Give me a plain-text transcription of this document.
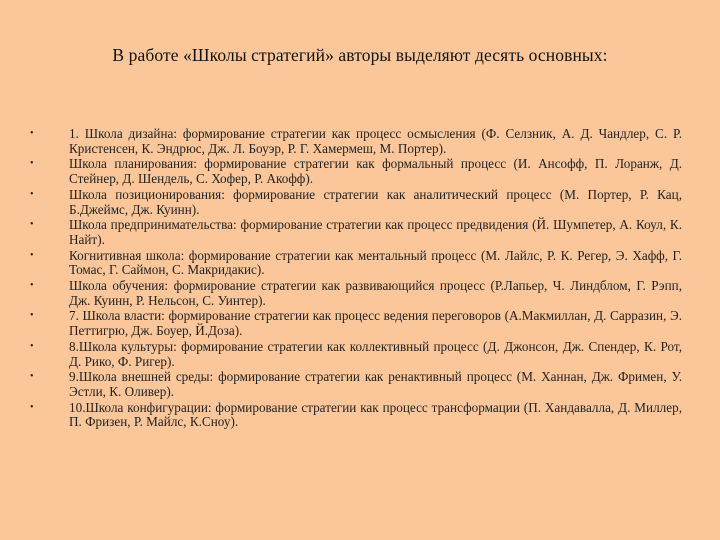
В работе «Школы стратегий» авторы выделяют десять основных:
•	1. Школа дизайна: формирование стратегии как процесс осмысления (Ф. Селзник, А. Д. Чандлер, С. Р. Кристенсен, К. Эндрюс, Дж. Л. Боуэр, Р. Г. Хамермеш, М. Портер).
•	Школа планирования: формирование стратегии как формальный процесс (И. Ансофф, П. Лоранж, Д. Стейнер, Д. Шендель, С. Хофер, Р. Акофф).
•	Школа позиционирования: формирование стратегии как аналитический процесс (М. Портер, Р. Кац, Б.Джеймс, Дж. Куинн).
•	Школа предпринимательства: формирование стратегии как процесс предвидения (Й. Шумпетер, А. Коул, К. Найт).
•	Когнитивная школа: формирование стратегии как ментальный процесс (М. Лайлс, Р. К. Регер, Э. Хафф, Г. Томас, Г. Саймон, С. Макридакис).
•	Школа обучения: формирование стратегии как развивающийся процесс (Р.Лапьер, Ч. Линдблом, Г. Рэпп, Дж. Куинн, Р. Нельсон, С. Уинтер).
•	7. Школа власти: формирование стратегии как процесс ведения переговоров (А.Макмиллан, Д. Сарразин, Э. Петтигрю, Дж. Боуер, Й.Доза).
•	8.Школа культуры: формирование стратегии как коллективный процесс (Д. Джонсон, Дж. Спендер, К. Рот, Д. Рико, Ф. Ригер).
•	9.Школа внешней среды: формирование стратегии как ренактивный процесс (М. Ханнан, Дж. Фримен, У. Эстли, К. Оливер).
•	10.Школа конфигурации: формирование стратегии как процесс трансформации (П. Хандавалла, Д. Миллер, П. Фризен, Р. Майлс, К.Сноу).
